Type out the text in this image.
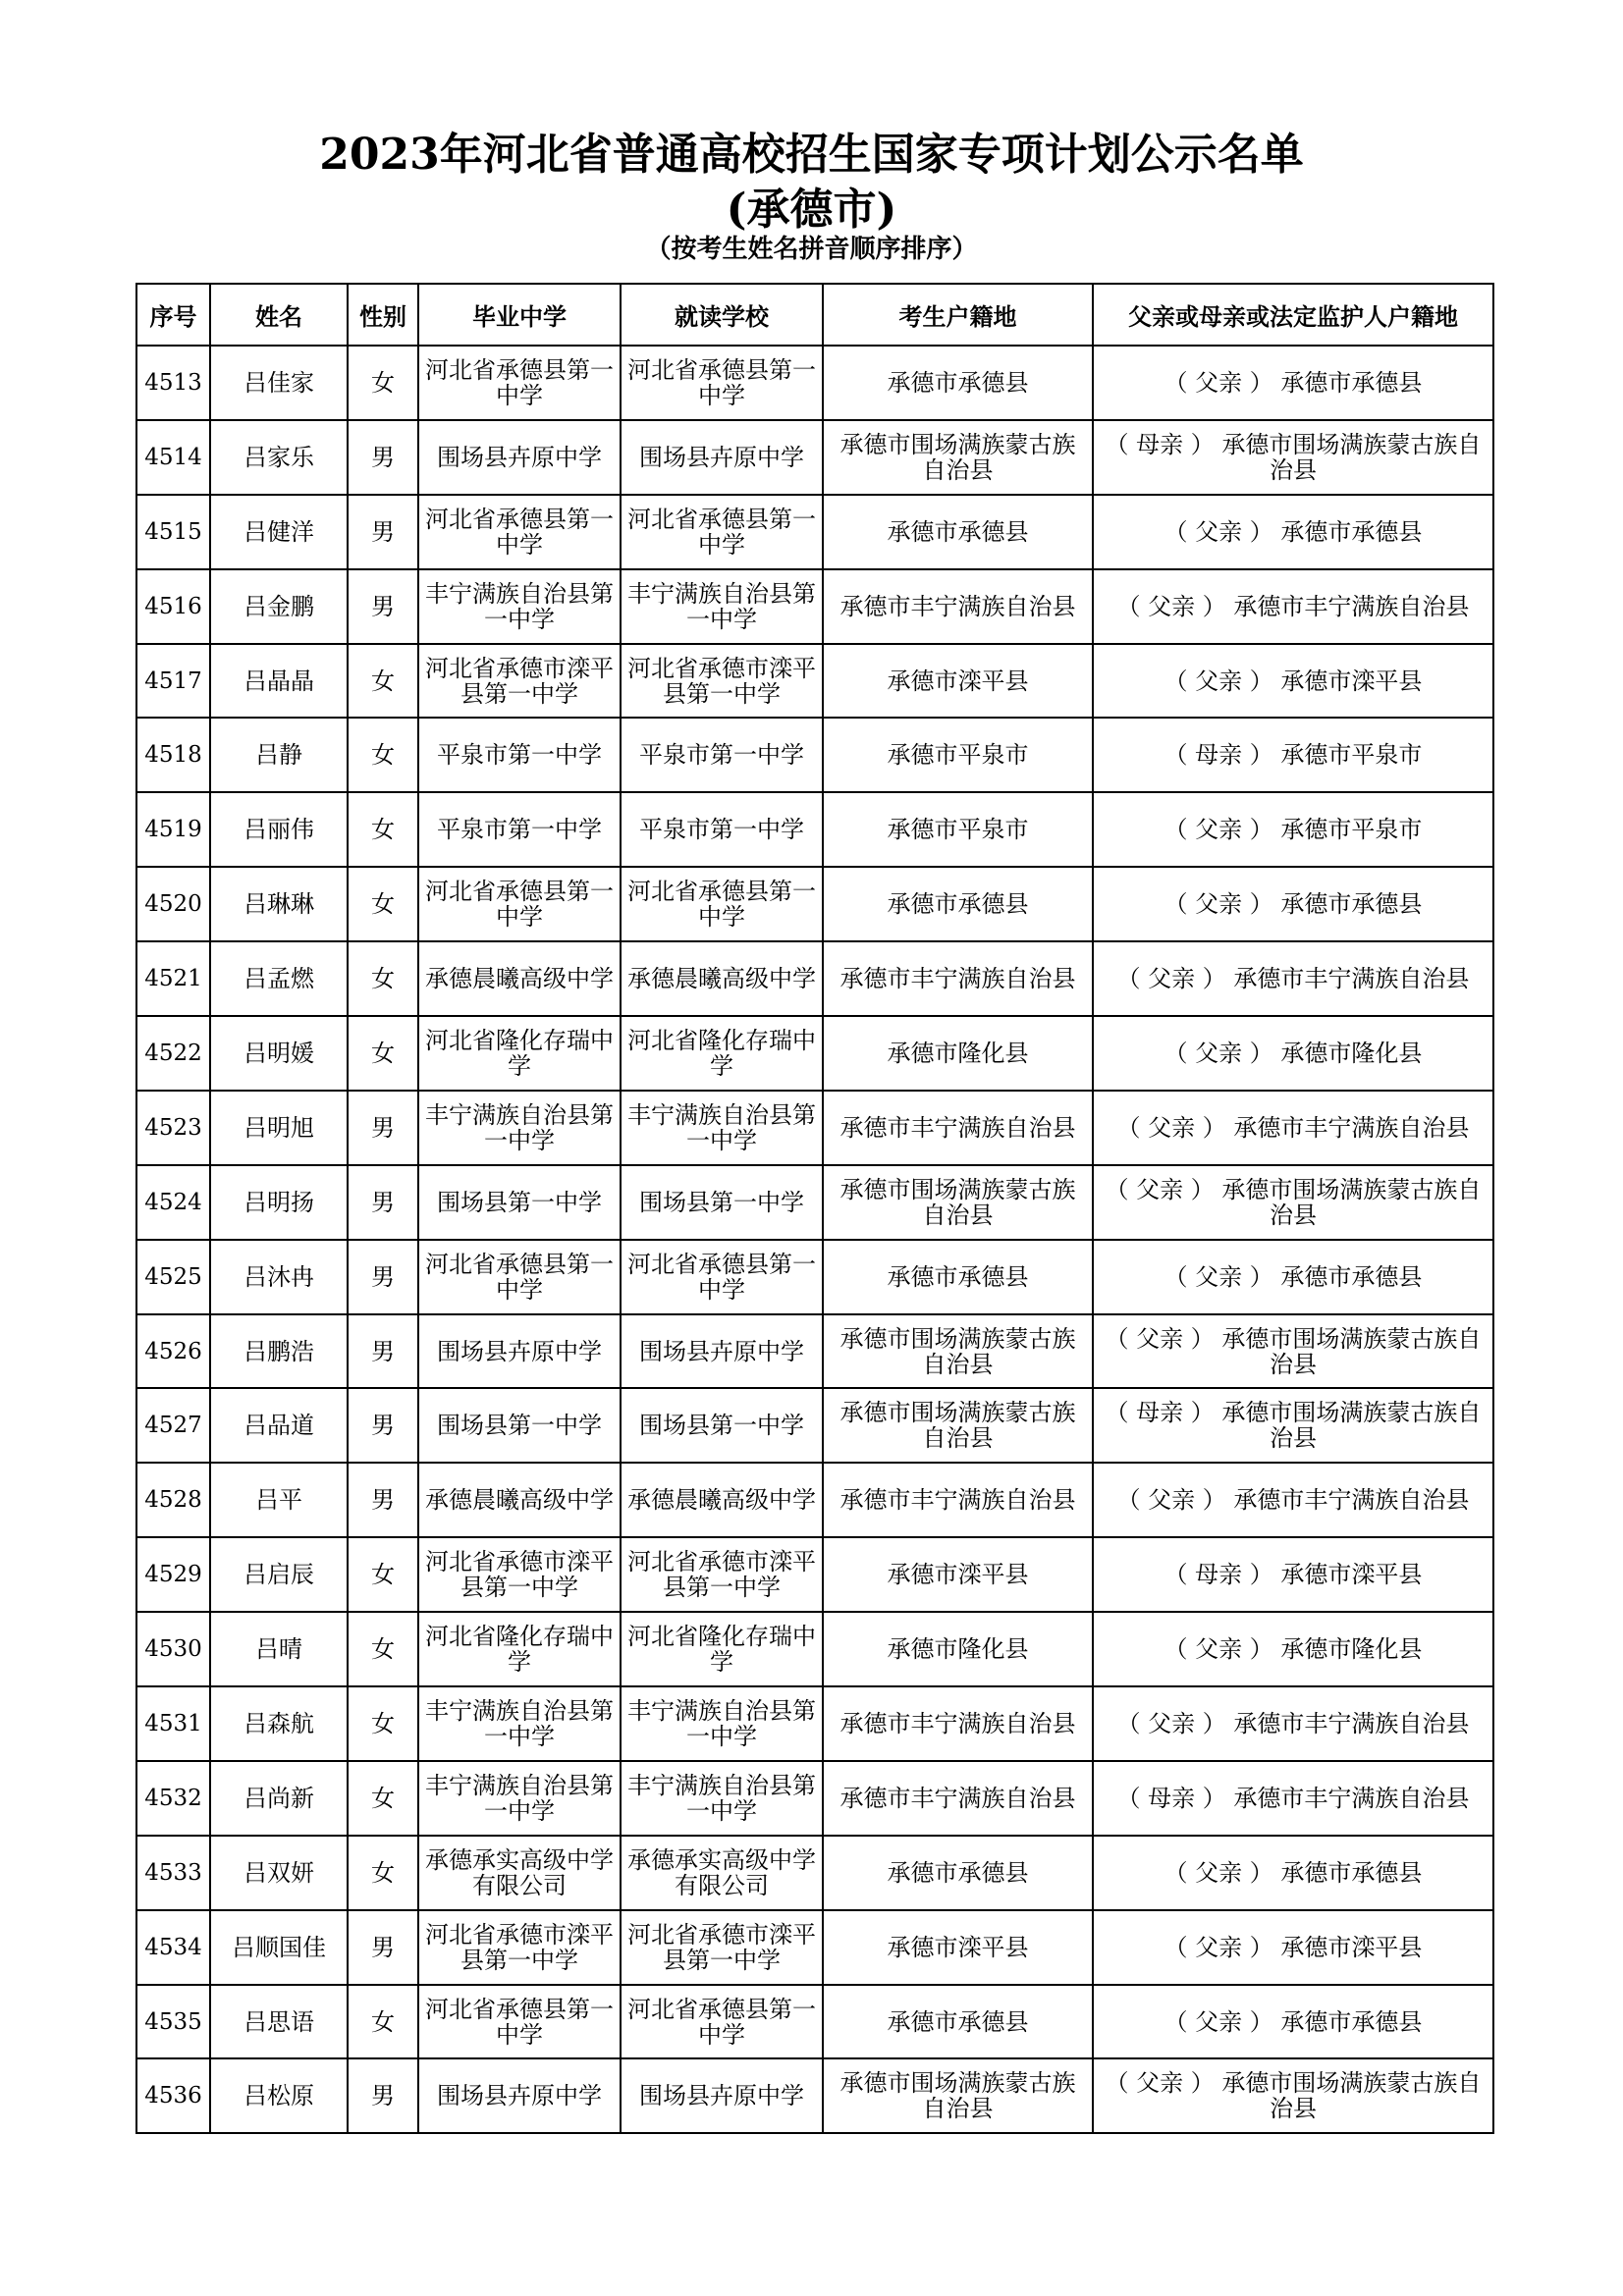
2023年河北省普通高校招生国家专项计划公示名单
(承德市)
（按考生姓名拼音顺序排序）
序号	姓名	性别	毕业中学	就读学校	考生户籍地	父亲或母亲或法定监护人户籍地
4513	吕佳家	女	河北省承德县第一中学	河北省承德县第一中学	承德市承德县	（ 父亲 ） 承德市承德县
4514	吕家乐	男	围场县卉原中学	围场县卉原中学	承德市围场满族蒙古族自治县	（ 母亲 ） 承德市围场满族蒙古族自治县
4515	吕健洋	男	河北省承德县第一中学	河北省承德县第一中学	承德市承德县	（ 父亲 ） 承德市承德县
4516	吕金鹏	男	丰宁满族自治县第一中学	丰宁满族自治县第一中学	承德市丰宁满族自治县	（ 父亲 ） 承德市丰宁满族自治县
4517	吕晶晶	女	河北省承德市滦平县第一中学	河北省承德市滦平县第一中学	承德市滦平县	（ 父亲 ） 承德市滦平县
4518	吕静	女	平泉市第一中学	平泉市第一中学	承德市平泉市	（ 母亲 ） 承德市平泉市
4519	吕丽伟	女	平泉市第一中学	平泉市第一中学	承德市平泉市	（ 父亲 ） 承德市平泉市
4520	吕琳琳	女	河北省承德县第一中学	河北省承德县第一中学	承德市承德县	（ 父亲 ） 承德市承德县
4521	吕孟燃	女	承德晨曦高级中学	承德晨曦高级中学	承德市丰宁满族自治县	（ 父亲 ） 承德市丰宁满族自治县
4522	吕明媛	女	河北省隆化存瑞中学	河北省隆化存瑞中学	承德市隆化县	（ 父亲 ） 承德市隆化县
4523	吕明旭	男	丰宁满族自治县第一中学	丰宁满族自治县第一中学	承德市丰宁满族自治县	（ 父亲 ） 承德市丰宁满族自治县
4524	吕明扬	男	围场县第一中学	围场县第一中学	承德市围场满族蒙古族自治县	（ 父亲 ） 承德市围场满族蒙古族自治县
4525	吕沐冉	男	河北省承德县第一中学	河北省承德县第一中学	承德市承德县	（ 父亲 ） 承德市承德县
4526	吕鹏浩	男	围场县卉原中学	围场县卉原中学	承德市围场满族蒙古族自治县	（ 父亲 ） 承德市围场满族蒙古族自治县
4527	吕品道	男	围场县第一中学	围场县第一中学	承德市围场满族蒙古族自治县	（ 母亲 ） 承德市围场满族蒙古族自治县
4528	吕平	男	承德晨曦高级中学	承德晨曦高级中学	承德市丰宁满族自治县	（ 父亲 ） 承德市丰宁满族自治县
4529	吕启辰	女	河北省承德市滦平县第一中学	河北省承德市滦平县第一中学	承德市滦平县	（ 母亲 ） 承德市滦平县
4530	吕晴	女	河北省隆化存瑞中学	河北省隆化存瑞中学	承德市隆化县	（ 父亲 ） 承德市隆化县
4531	吕森航	女	丰宁满族自治县第一中学	丰宁满族自治县第一中学	承德市丰宁满族自治县	（ 父亲 ） 承德市丰宁满族自治县
4532	吕尚新	女	丰宁满族自治县第一中学	丰宁满族自治县第一中学	承德市丰宁满族自治县	（ 母亲 ） 承德市丰宁满族自治县
4533	吕双妍	女	承德承实高级中学有限公司	承德承实高级中学有限公司	承德市承德县	（ 父亲 ） 承德市承德县
4534	吕顺国佳	男	河北省承德市滦平县第一中学	河北省承德市滦平县第一中学	承德市滦平县	（ 父亲 ） 承德市滦平县
4535	吕思语	女	河北省承德县第一中学	河北省承德县第一中学	承德市承德县	（ 父亲 ） 承德市承德县
4536	吕松原	男	围场县卉原中学	围场县卉原中学	承德市围场满族蒙古族自治县	（ 父亲 ） 承德市围场满族蒙古族自治县
